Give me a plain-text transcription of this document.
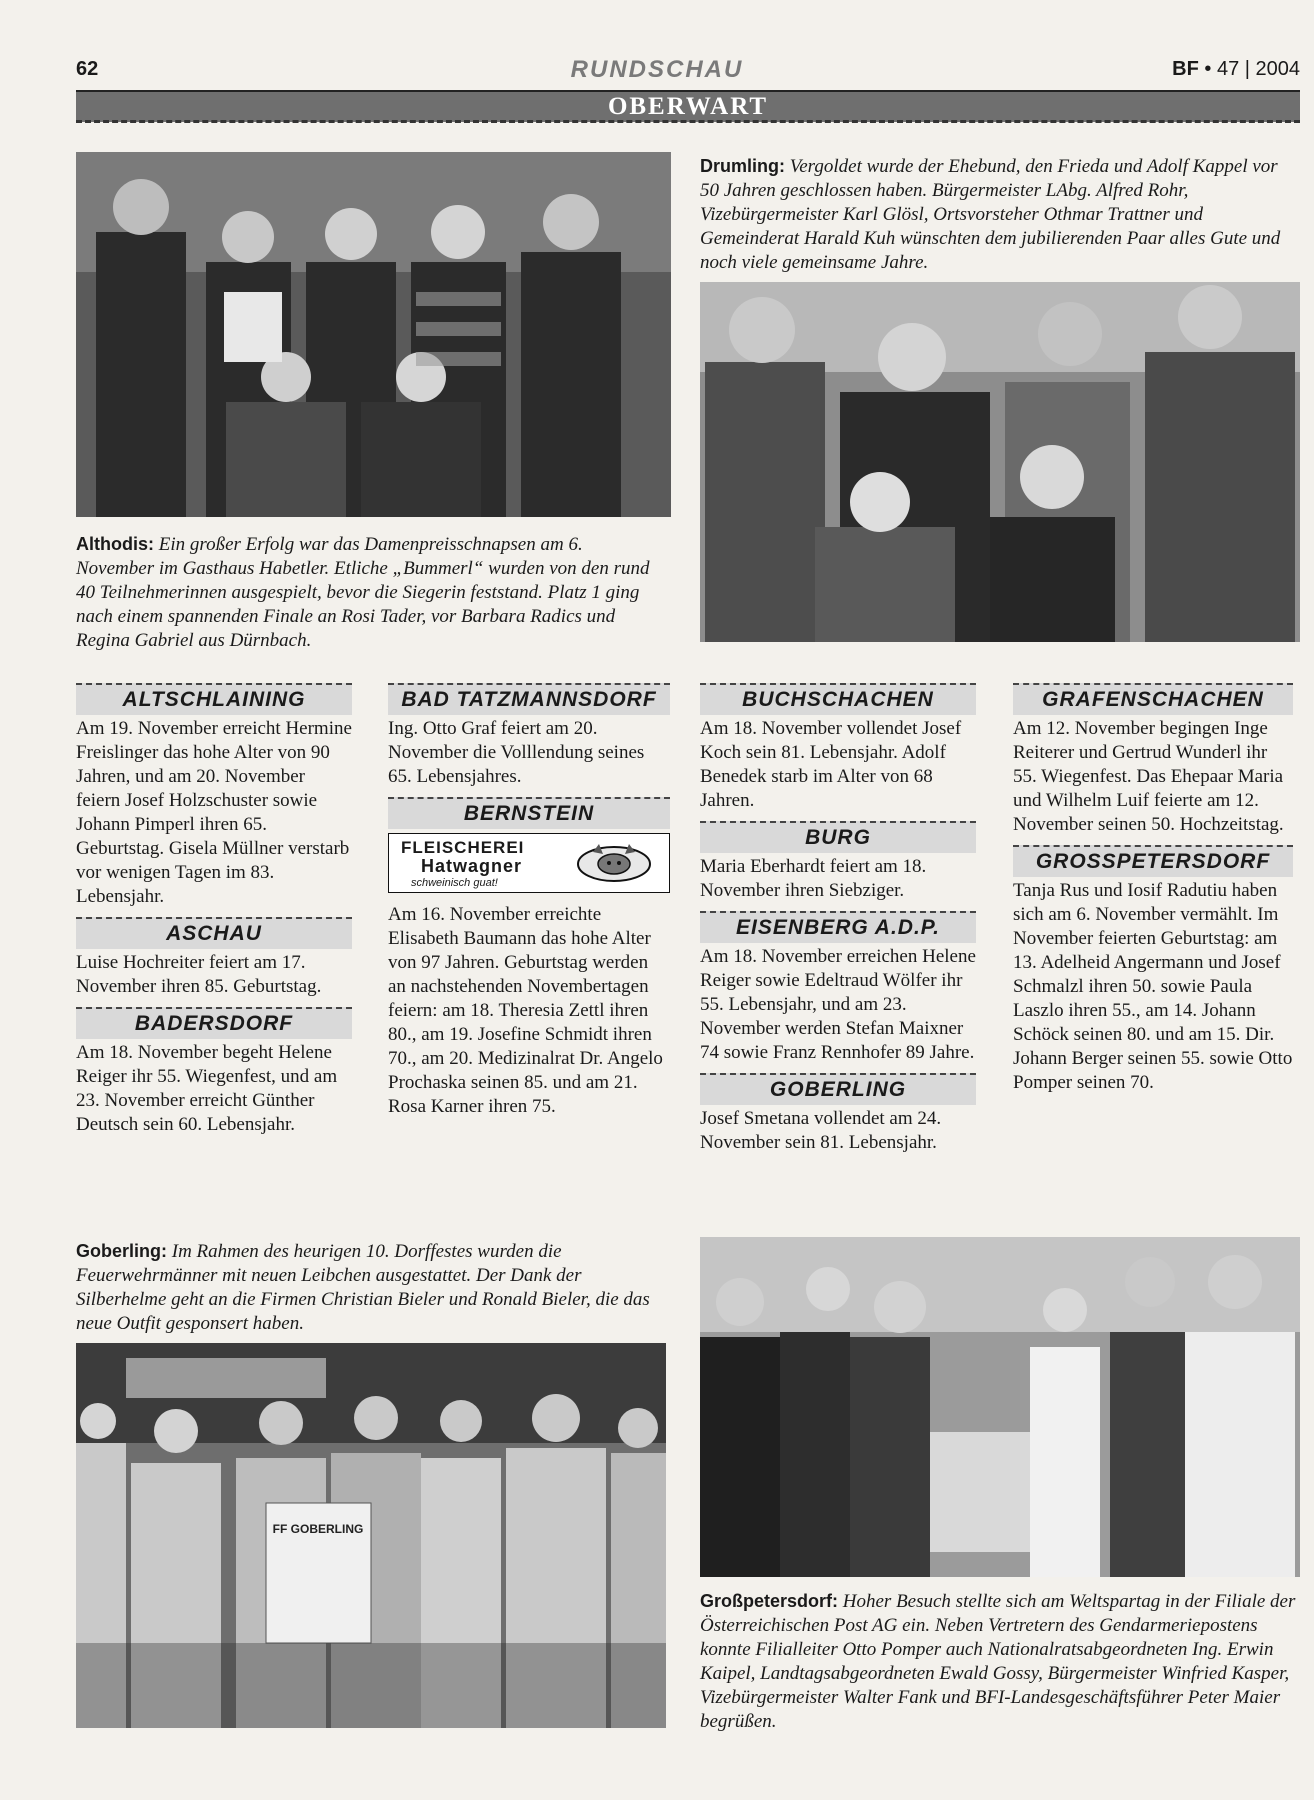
62	RUNDSCHAU	BF • 47 | 2004
OBERWART
Althodis: Ein großer Erfolg war das Damenpreisschnapsen am 6. November im Gasthaus Habetler. Etliche „Bummerl“ wurden von den rund 40 Teilnehmerinnen ausgespielt, bevor die Siegerin feststand. Platz 1 ging nach einem spannenden Finale an Rosi Tader, vor Barbara Radics und Regina Gabriel aus Dürnbach.
Drumling: Vergoldet wurde der Ehebund, den Frieda und Adolf Kappel vor 50 Jahren geschlossen haben. Bürgermeister LAbg. Alfred Rohr, Vizebürgermeister Karl Glösl, Ortsvorsteher Othmar Trattner und Gemeinderat Harald Kuh wünschten dem jubilierenden Paar alles Gute und noch viele gemeinsame Jahre.
ALTSCHLAINING
Am 19. November erreicht Hermine Freislinger das hohe Alter von 90 Jahren, und am 20. November feiern Josef Holzschuster sowie Johann Pimperl ihren 65. Geburtstag. Gisela Müllner verstarb vor wenigen Tagen im 83. Lebensjahr.
ASCHAU
Luise Hochreiter feiert am 17. November ihren 85. Geburtstag.
BADERSDORF
Am 18. November begeht Helene Reiger ihr 55. Wiegenfest, und am 23. November erreicht Günther Deutsch sein 60. Lebensjahr.
BAD TATZMANNSDORF
Ing. Otto Graf feiert am 20. November die Volllendung seines 65. Lebensjahres.
BERNSTEIN
FLEISCHEREI
Hatwagner
schweinisch guat!
Am 16. November erreichte Elisabeth Baumann das hohe Alter von 97 Jahren. Geburtstag werden an nachstehenden Novembertagen feiern: am 18. Theresia Zettl ihren 80., am 19. Josefine Schmidt ihren 70., am 20. Medizinalrat Dr. Angelo Prochaska seinen 85. und am 21. Rosa Karner ihren 75.
BUCHSCHACHEN
Am 18. November vollendet Josef Koch sein 81. Lebensjahr. Adolf Benedek starb im Alter von 68 Jahren.
BURG
Maria Eberhardt feiert am 18. November ihren Siebziger.
EISENBERG A.D.P.
Am 18. November erreichen Helene Reiger sowie Edeltraud Wölfer ihr 55. Lebensjahr, und am 23. November werden Stefan Maixner 74 sowie Franz Rennhofer 89 Jahre.
GOBERLING
Josef Smetana vollendet am 24. November sein 81. Lebensjahr.
GRAFENSCHACHEN
Am 12. November begingen Inge Reiterer und Gertrud Wunderl ihr 55. Wiegenfest. Das Ehepaar Maria und Wilhelm Luif feierte am 12. November seinen 50. Hochzeitstag.
GROSSPETERSDORF
Tanja Rus und Iosif Radutiu haben sich am 6. November vermählt. Im November feierten Geburtstag: am 13. Adelheid Angermann und Josef Schmalzl ihren 50. sowie Paula Laszlo ihren 55., am 14. Johann Schöck seinen 80. und am 15. Dir. Johann Berger seinen 55. sowie Otto Pomper seinen 70.
Goberling: Im Rahmen des heurigen 10. Dorffestes wurden die Feuerwehrmänner mit neuen Leibchen ausgestattet. Der Dank der Silberhelme geht an die Firmen Christian Bieler und Ronald Bieler, die das neue Outfit gesponsert haben.
FF GOBERLING
Großpetersdorf: Hoher Besuch stellte sich am Weltspartag in der Filiale der Österreichischen Post AG ein. Neben Vertretern des Gendarmeriepostens konnte Filialleiter Otto Pomper auch Nationalratsabgeordneten Ing. Erwin Kaipel, Landtagsabgeordneten Ewald Gossy, Bürgermeister Winfried Kasper, Vizebürgermeister Walter Fank und BFI-Landesgeschäftsführer Peter Maier begrüßen.
